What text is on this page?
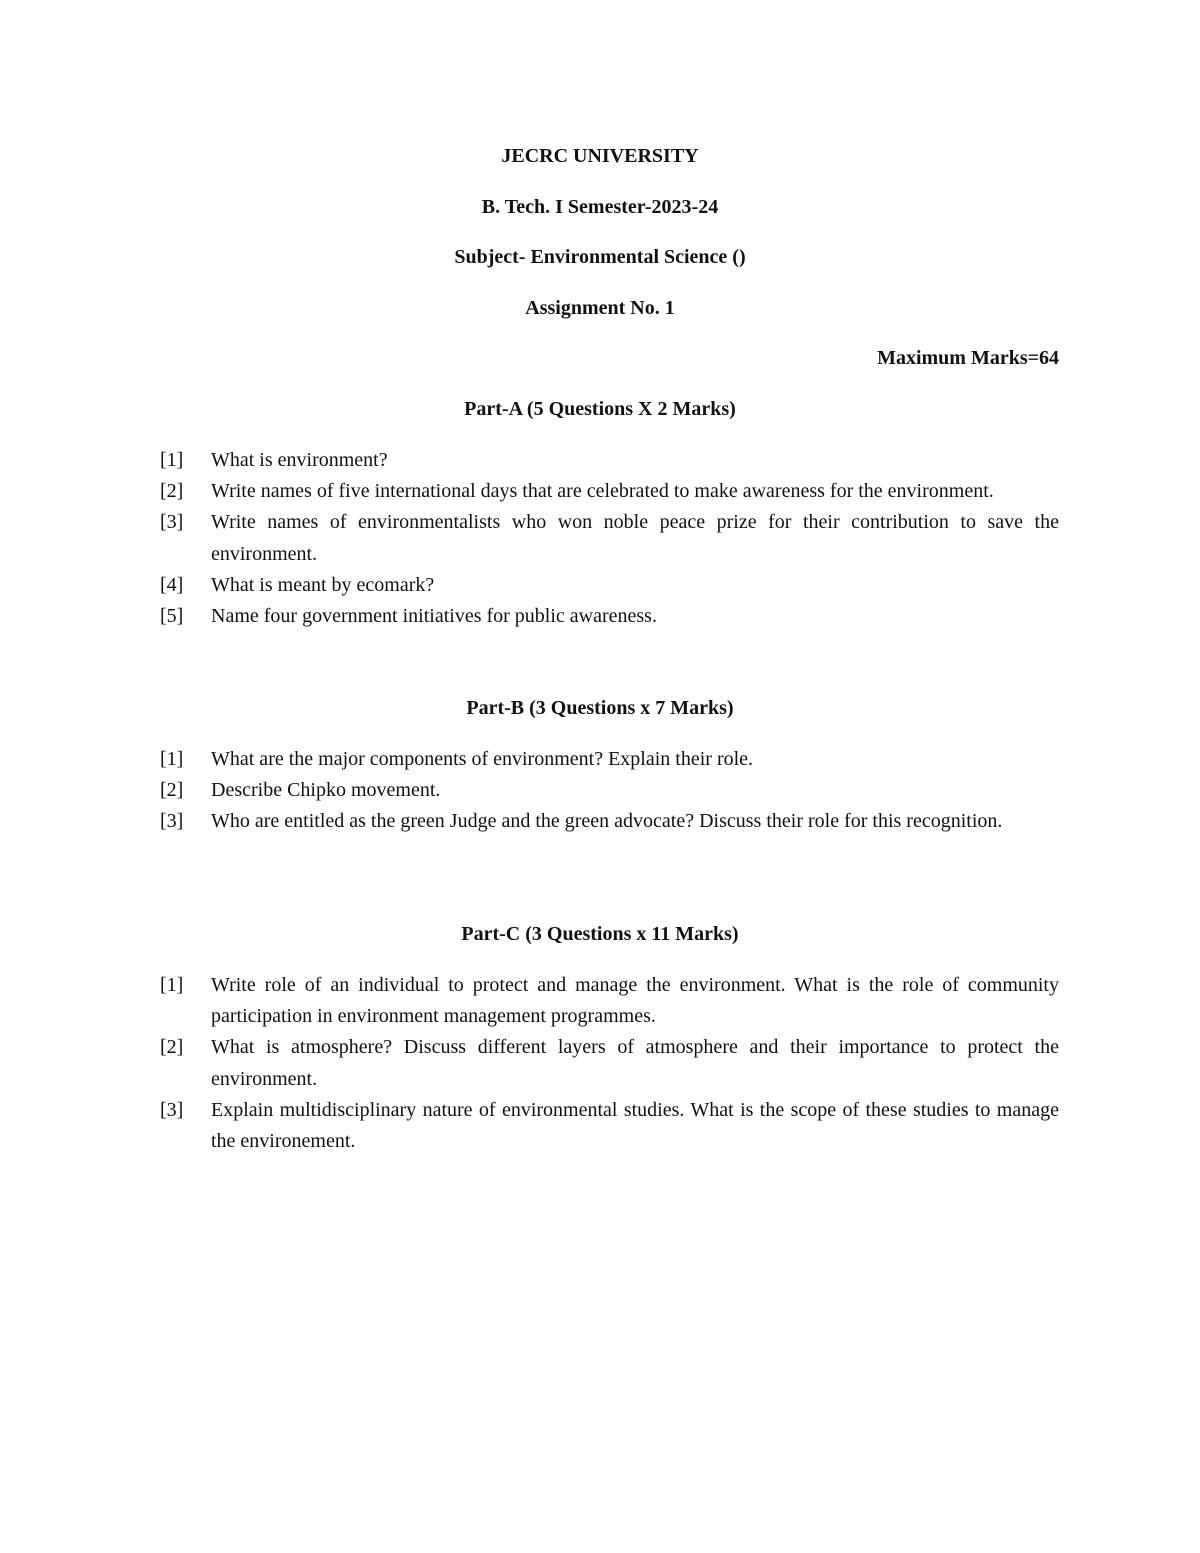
JECRC UNIVERSITY
B. Tech. I Semester-2023-24
Subject- Environmental Science ()
Assignment No. 1
Maximum Marks=64
Part-A (5 Questions X 2 Marks)
[1] What is environment?
[2] Write names of five international days that are celebrated to make awareness for the environment.
[3] Write names of environmentalists who won noble peace prize for their contribution to save the environment.
[4] What is meant by ecomark?
[5] Name four government initiatives for public awareness.
Part-B (3 Questions x 7 Marks)
[1] What are the major components of environment? Explain their role.
[2] Describe Chipko movement.
[3] Who are entitled as the green Judge and the green advocate? Discuss their role for this recognition.
Part-C (3 Questions x 11 Marks)
[1] Write role of an individual to protect and manage the environment. What is the role of community participation in environment management programmes.
[2] What is atmosphere? Discuss different layers of atmosphere and their importance to protect the environment.
[3] Explain multidisciplinary nature of environmental studies. What is the scope of these studies to manage the environement.
